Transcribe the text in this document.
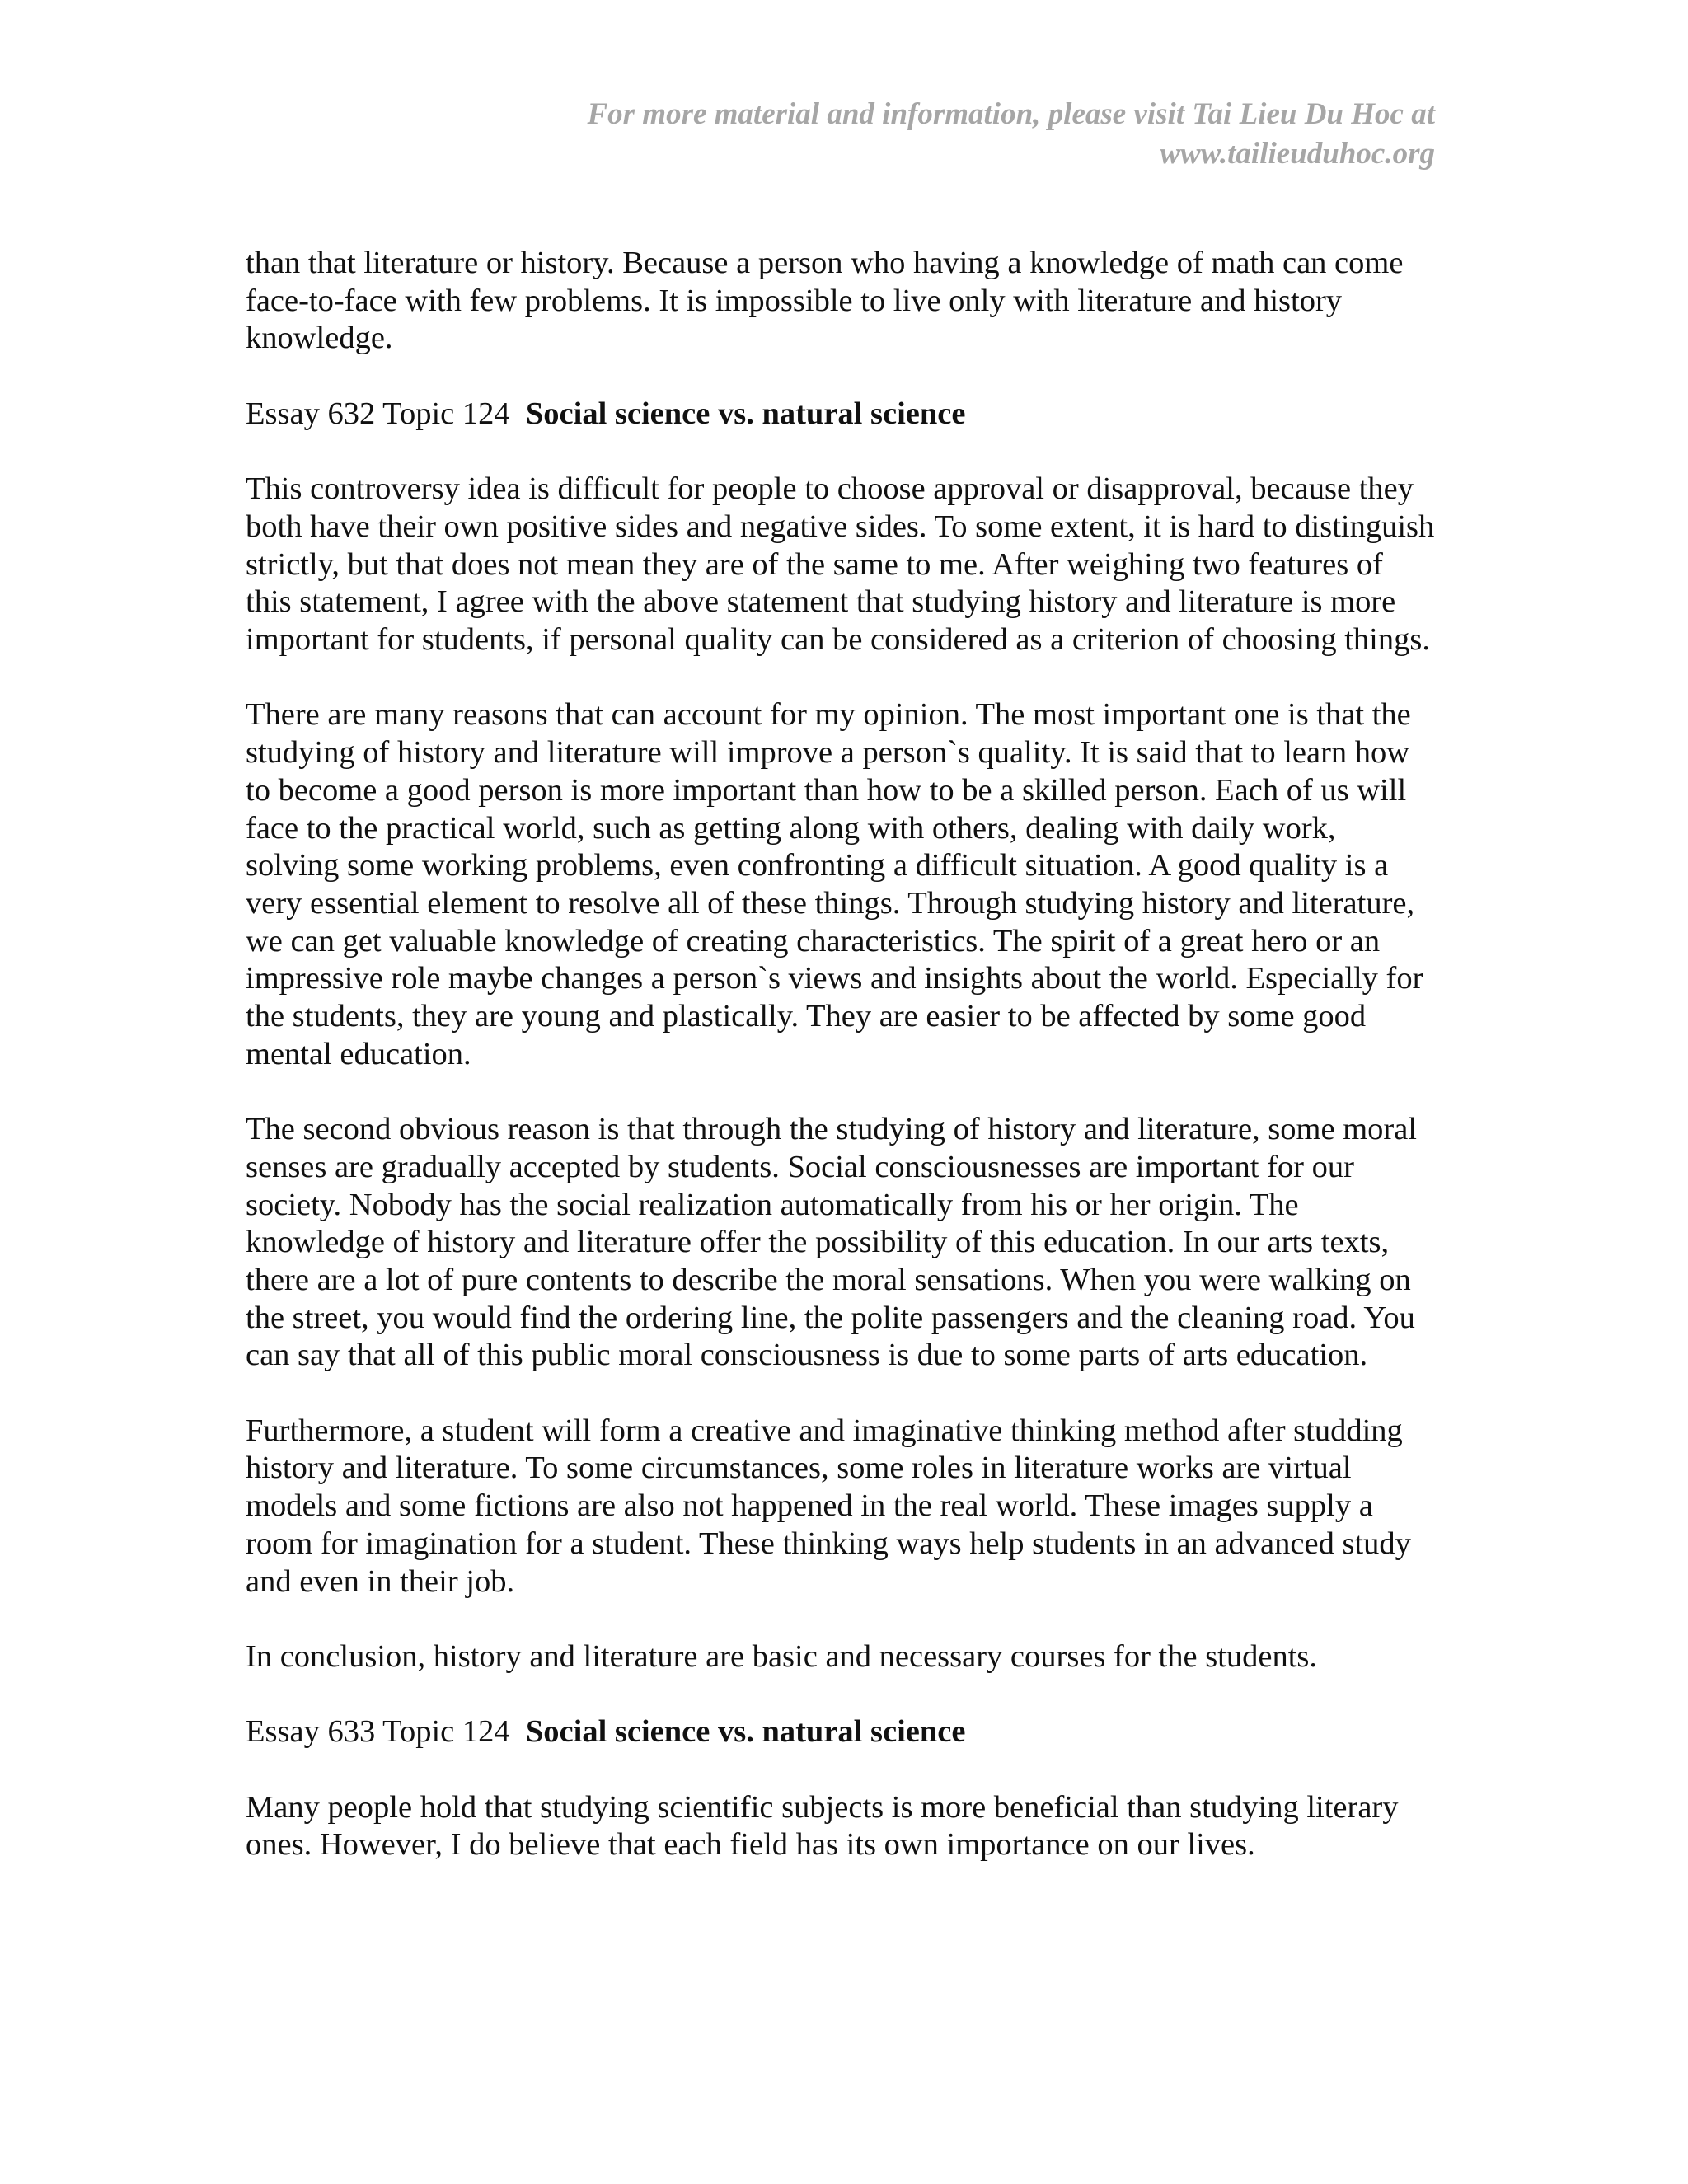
For more material and information, please visit Tai Lieu Du Hoc at
www.tailieuduhoc.org

than that literature or history. Because a person who having a knowledge of math can come face-to-face with few problems. It is impossible to live only with literature and history knowledge.

Essay 632 Topic 124 Social science vs. natural science

This controversy idea is difficult for people to choose approval or disapproval, because they both have their own positive sides and negative sides. To some extent, it is hard to distinguish strictly, but that does not mean they are of the same to me. After weighing two features of this statement, I agree with the above statement that studying history and literature is more important for students, if personal quality can be considered as a criterion of choosing things.

There are many reasons that can account for my opinion. The most important one is that the studying of history and literature will improve a person`s quality. It is said that to learn how to become a good person is more important than how to be a skilled person. Each of us will face to the practical world, such as getting along with others, dealing with daily work, solving some working problems, even confronting a difficult situation. A good quality is a very essential element to resolve all of these things. Through studying history and literature, we can get valuable knowledge of creating characteristics. The spirit of a great hero or an impressive role maybe changes a person`s views and insights about the world. Especially for the students, they are young and plastically. They are easier to be affected by some good mental education.

The second obvious reason is that through the studying of history and literature, some moral senses are gradually accepted by students. Social consciousnesses are important for our society. Nobody has the social realization automatically from his or her origin. The knowledge of history and literature offer the possibility of this education. In our arts texts, there are a lot of pure contents to describe the moral sensations. When you were walking on the street, you would find the ordering line, the polite passengers and the cleaning road. You can say that all of this public moral consciousness is due to some parts of arts education.

Furthermore, a student will form a creative and imaginative thinking method after studding history and literature. To some circumstances, some roles in literature works are virtual models and some fictions are also not happened in the real world. These images supply a room for imagination for a student. These thinking ways help students in an advanced study and even in their job.

In conclusion, history and literature are basic and necessary courses for the students.

Essay 633 Topic 124 Social science vs. natural science

Many people hold that studying scientific subjects is more beneficial than studying literary ones. However, I do believe that each field has its own importance on our lives.
